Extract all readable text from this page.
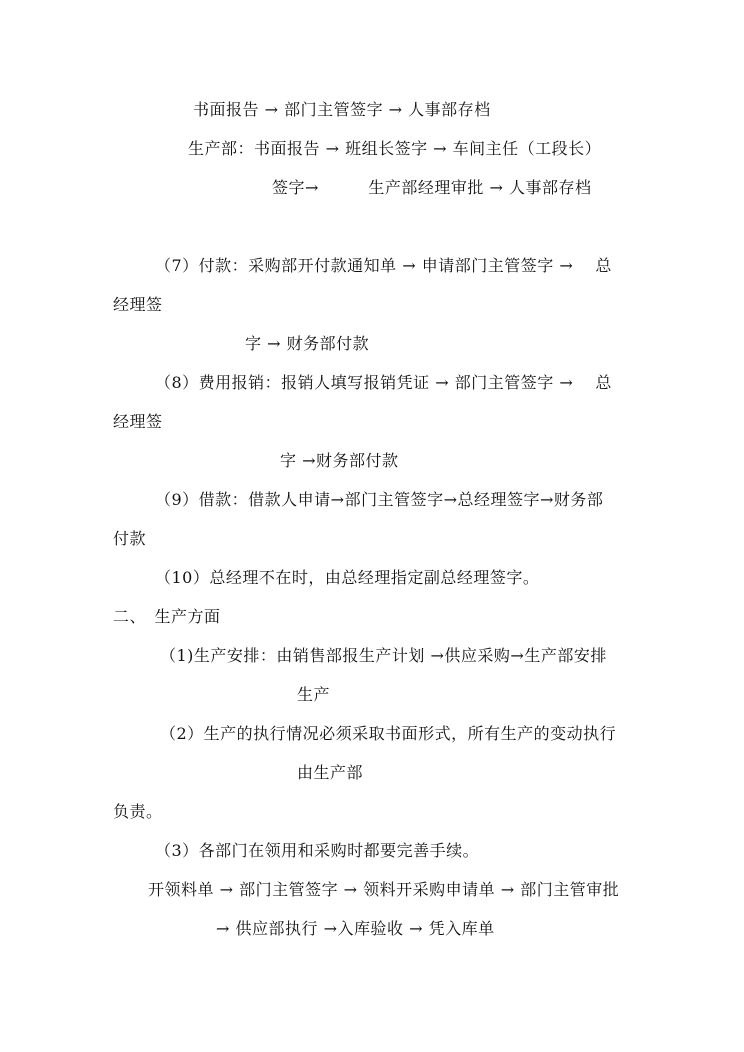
书面报告 → 部门主管签字 → 人事部存档
生产部：书面报告 → 班组长签字 → 车间主任（工段长）
签字→　　　生产部经理审批 → 人事部存档
（7）付款：采购部开付款通知单 → 申请部门主管签字 →　 总
经理签
字 → 财务部付款
（8）费用报销：报销人填写报销凭证 → 部门主管签字 →　 总
经理签
字 →财务部付款
（9）借款：借款人申请→部门主管签字→总经理签字→财务部
付款
（10）总经理不在时，由总经理指定副总经理签字。
二、　生产方面
（1)生产安排：由销售部报生产计划 →供应采购→生产部安排
生产
（2）生产的执行情况必须采取书面形式，所有生产的变动执行
由生产部
负责。
（3）各部门在领用和采购时都要完善手续。
开领料单 → 部门主管签字 → 领料开采购申请单 → 部门主管审批
→ 供应部执行 →入库验收 → 凭入库单
